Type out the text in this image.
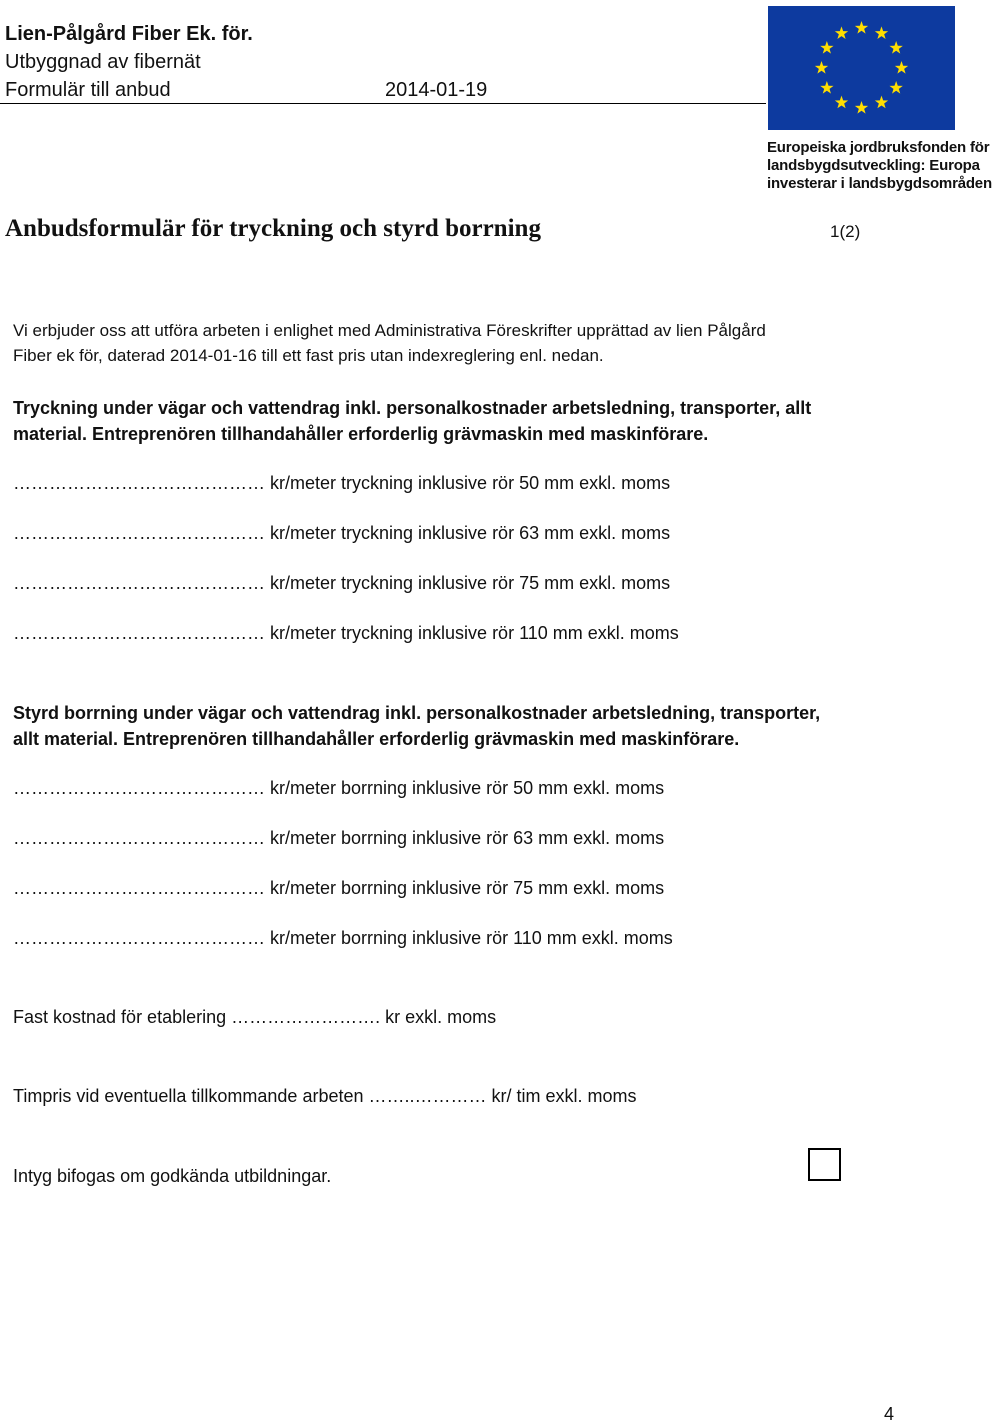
Lien-Pålgård Fiber Ek. för.
Utbyggnad av fibernät
Formulär till anbud	2014-01-19
Europeiska jordbruksfonden för
landsbygdsutveckling: Europa
investerar i landsbygdsområden
Anbudsformulär för tryckning och styrd borrning	1(2)
Vi erbjuder oss att utföra arbeten i enlighet med Administrativa Föreskrifter upprättad av lien Pålgård
Fiber ek för, daterad 2014-01-16 till ett fast pris utan indexreglering enl. nedan.
Tryckning under vägar och vattendrag inkl. personalkostnader arbetsledning, transporter, allt
material. Entreprenören tillhandahåller erforderlig grävmaskin med maskinförare.
…………………………………… kr/meter tryckning inklusive rör 50 mm exkl. moms
…………………………………… kr/meter tryckning inklusive rör 63 mm exkl. moms
…………………………………… kr/meter tryckning inklusive rör 75 mm exkl. moms
…………………………………… kr/meter tryckning inklusive rör 110 mm exkl. moms
Styrd borrning under vägar och vattendrag inkl. personalkostnader arbetsledning, transporter,
allt material. Entreprenören tillhandahåller erforderlig grävmaskin med maskinförare.
…………………………………… kr/meter borrning inklusive rör 50 mm exkl. moms
…………………………………… kr/meter borrning inklusive rör 63 mm exkl. moms
…………………………………… kr/meter borrning inklusive rör 75 mm exkl. moms
…………………………………… kr/meter borrning inklusive rör 110 mm exkl. moms
Fast kostnad för etablering ……………………. kr exkl. moms
Timpris vid eventuella tillkommande arbeten ……..………… kr/ tim exkl. moms
Intyg bifogas om godkända utbildningar.
4
